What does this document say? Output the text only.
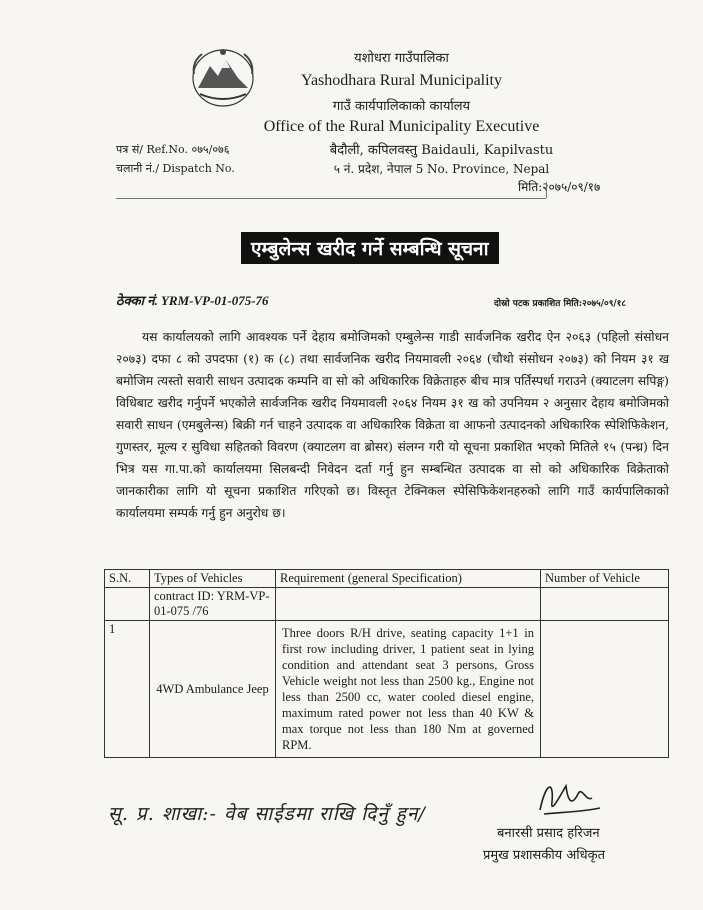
यशोधरा गाउँपालिका
Yashodhara Rural Municipality
गाउँ कार्यपालिकाको कार्यालय
Office of the Rural Municipality Executive
बैदौली, कपिलवस्तु Baidauli, Kapilvastu
५ नं. प्रदेश, नेपाल 5 No. Province, Nepal
पत्र सं/ Ref.No. ०७५/०७६
चलानी नं./ Dispatch No.
मिति:२०७५/०९/१७
एम्बुलेन्स खरीद गर्ने सम्बन्धि सूचना
ठेक्का नं. YRM-VP-01-075-76	दोस्रो पटक प्रकाशित मिति:२०७५/०९/१८
यस कार्यालयको लागि आवश्यक पर्ने देहाय बमोजिमको एम्बुलेन्स गाडी सार्वजनिक खरीद ऐन २०६३ (पहिलो संसोधन २०७३) दफा ८ को उपदफा (१) क (८) तथा सार्वजनिक खरीद नियमावली २०६४ (चौथो संसोधन २०७३) को नियम ३१ ख बमोजिम त्यस्तो सवारी साधन उत्पादक कम्पनि वा सो को अधिकारिक विक्रेताहरु बीच मात्र पर्तिस्पर्धा गराउने (क्याटलग सपिङ्ग) विधिबाट खरीद गर्नुपर्ने भएकोले सार्वजनिक खरीद नियमावली २०६४ नियम ३१ ख को उपनियम २ अनुसार देहाय बमोजिमको सवारी साधन (एमबुलेन्स) बिक्री गर्न चाहने उत्पादक वा अधिकारिक विक्रेता वा आफनो उत्पादनको अधिकारिक स्पेशिफिकेशन, गुणस्तर, मूल्य र सुविधा सहितको विवरण (क्याटलग वा ब्रोसर) संलग्न गरी यो सूचना प्रकाशित भएको मितिले १५ (पन्ध्र) दिन भित्र यस गा.पा.को कार्यालयमा सिलबन्दी निवेदन दर्ता गर्नु हुन सम्बन्धित उत्पादक वा सो को अधिकारिक विक्रेताको जानकारीका लागि यो सूचना प्रकाशित गरिएको छ। विस्तृत टेक्निकल स्पेसिफिकेशनहरुको लागि गाउँ कार्यपालिकाको कार्यालयमा सम्पर्क गर्नु हुन अनुरोध छ।
S.N.	Types of Vehicles	Requirement (general Specification)	Number of Vehicle
	contract ID: YRM-VP- 01-075 /76		
1	4WD Ambulance Jeep	Three doors R/H drive, seating capacity 1+1 in first row including driver, 1 patient seat in lying condition and attendant seat 3 persons, Gross Vehicle weight not less than 2500 kg., Engine not less than 2500 cc, water cooled diesel engine, maximum rated power not less than 40 KW & max torque not less than 180 Nm at governed RPM.	
सू. प्र. शाखा:- वेब साईडमा राखि दिनुँ हुन/
बनारसी प्रसाद हरिजन
प्रमुख प्रशासकीय अधिकृत
